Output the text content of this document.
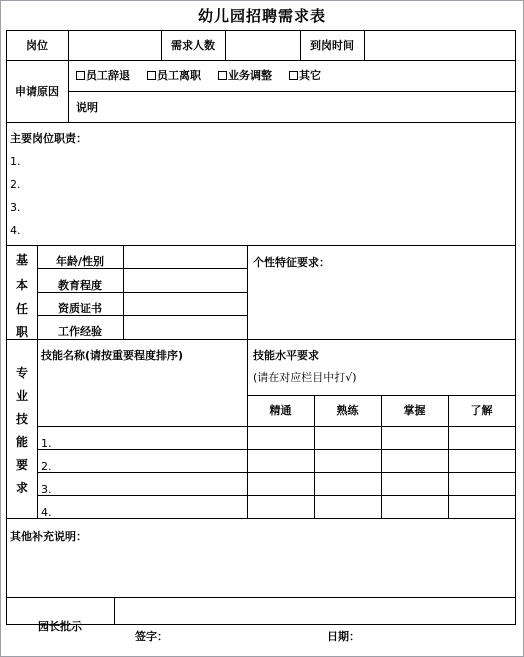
幼儿园招聘需求表
岗位	需求人数	到岗时间
申请原因
员工辞退	员工离职	业务调整	其它
说明
主要岗位职责：
1.
2.
3.
4.
基
本
任
职
年龄/性别
教育程度
资质证书
工作经验
个性特征要求：
专
业
技
能
要
求
技能名称(请按重要程度排序)	技能水平要求
(请在对应栏目中打√)
精通	熟练	掌握	了解
1.
2.
3.
4.
其他补充说明：
园长批示
签字：	日期：
